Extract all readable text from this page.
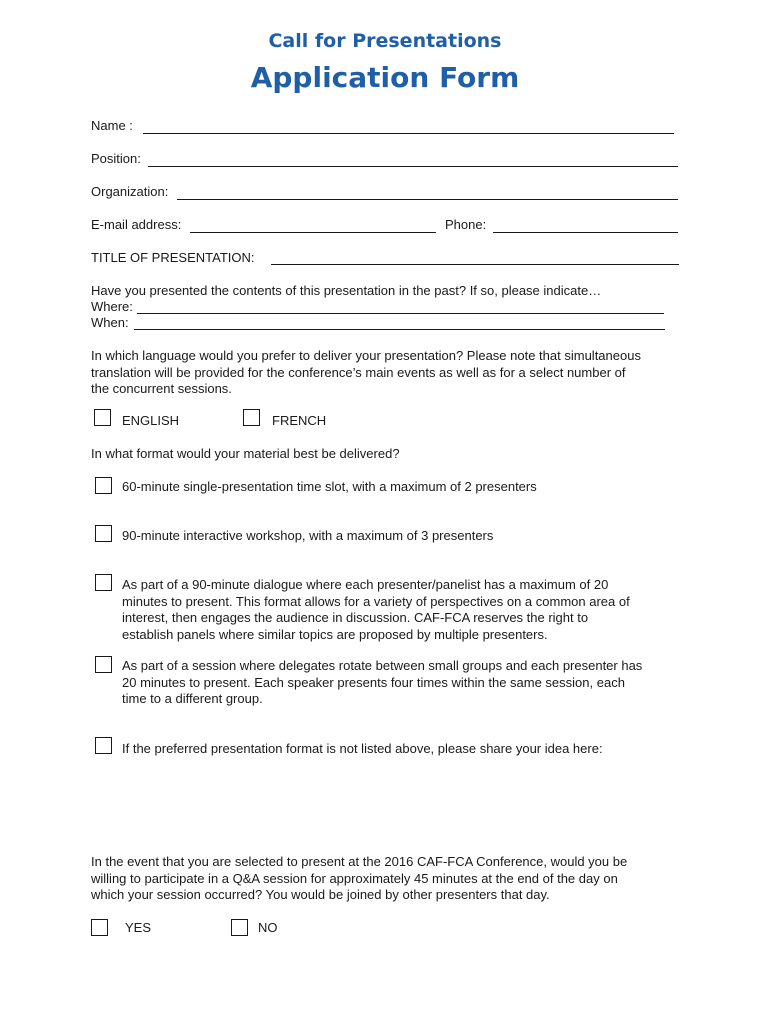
Call for Presentations
Application Form
Name :
Position:
Organization:
E-mail address:	Phone:
TITLE OF PRESENTATION:
Have you presented the contents of this presentation in the past? If so, please indicate…
Where:
When:
In which language would you prefer to deliver your presentation? Please note that simultaneous
translation will be provided for the conference’s main events as well as for a select number of
the concurrent sessions.
ENGLISH	FRENCH
In what format would your material best be delivered?
60-minute single-presentation time slot, with a maximum of 2 presenters
90-minute interactive workshop, with a maximum of 3 presenters
As part of a 90-minute dialogue where each presenter/panelist has a maximum of 20
minutes to present. This format allows for a variety of perspectives on a common area of
interest, then engages the audience in discussion. CAF-FCA reserves the right to
establish panels where similar topics are proposed by multiple presenters.
As part of a session where delegates rotate between small groups and each presenter has
20 minutes to present. Each speaker presents four times within the same session, each
time to a different group.
If the preferred presentation format is not listed above, please share your idea here:
In the event that you are selected to present at the 2016 CAF-FCA Conference, would you be
willing to participate in a Q&A session for approximately 45 minutes at the end of the day on
which your session occurred? You would be joined by other presenters that day.
YES	NO
